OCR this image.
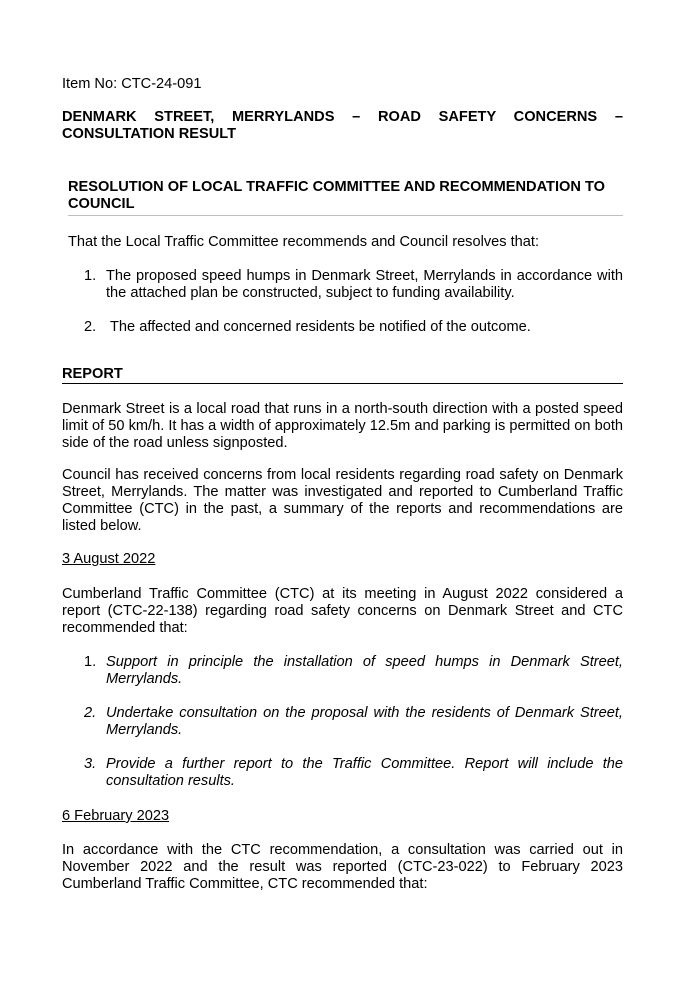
Item No: CTC-24-091
DENMARK STREET, MERRYLANDS – ROAD SAFETY CONCERNS –
CONSULTATION RESULT
RESOLUTION OF LOCAL TRAFFIC COMMITTEE AND RECOMMENDATION TO COUNCIL
That the Local Traffic Committee recommends and Council resolves that:
1. The proposed speed humps in Denmark Street, Merrylands in accordance with the attached plan be constructed, subject to funding availability.
2. The affected and concerned residents be notified of the outcome.
REPORT
Denmark Street is a local road that runs in a north-south direction with a posted speed limit of 50 km/h. It has a width of approximately 12.5m and parking is permitted on both side of the road unless signposted.
Council has received concerns from local residents regarding road safety on Denmark Street, Merrylands. The matter was investigated and reported to Cumberland Traffic Committee (CTC) in the past, a summary of the reports and recommendations are listed below.
3 August 2022
Cumberland Traffic Committee (CTC) at its meeting in August 2022 considered a report (CTC-22-138) regarding road safety concerns on Denmark Street and CTC recommended that:
1. Support in principle the installation of speed humps in Denmark Street, Merrylands.
2. Undertake consultation on the proposal with the residents of Denmark Street, Merrylands.
3. Provide a further report to the Traffic Committee. Report will include the consultation results.
6 February 2023
In accordance with the CTC recommendation, a consultation was carried out in November 2022 and the result was reported (CTC-23-022) to February 2023 Cumberland Traffic Committee, CTC recommended that:
